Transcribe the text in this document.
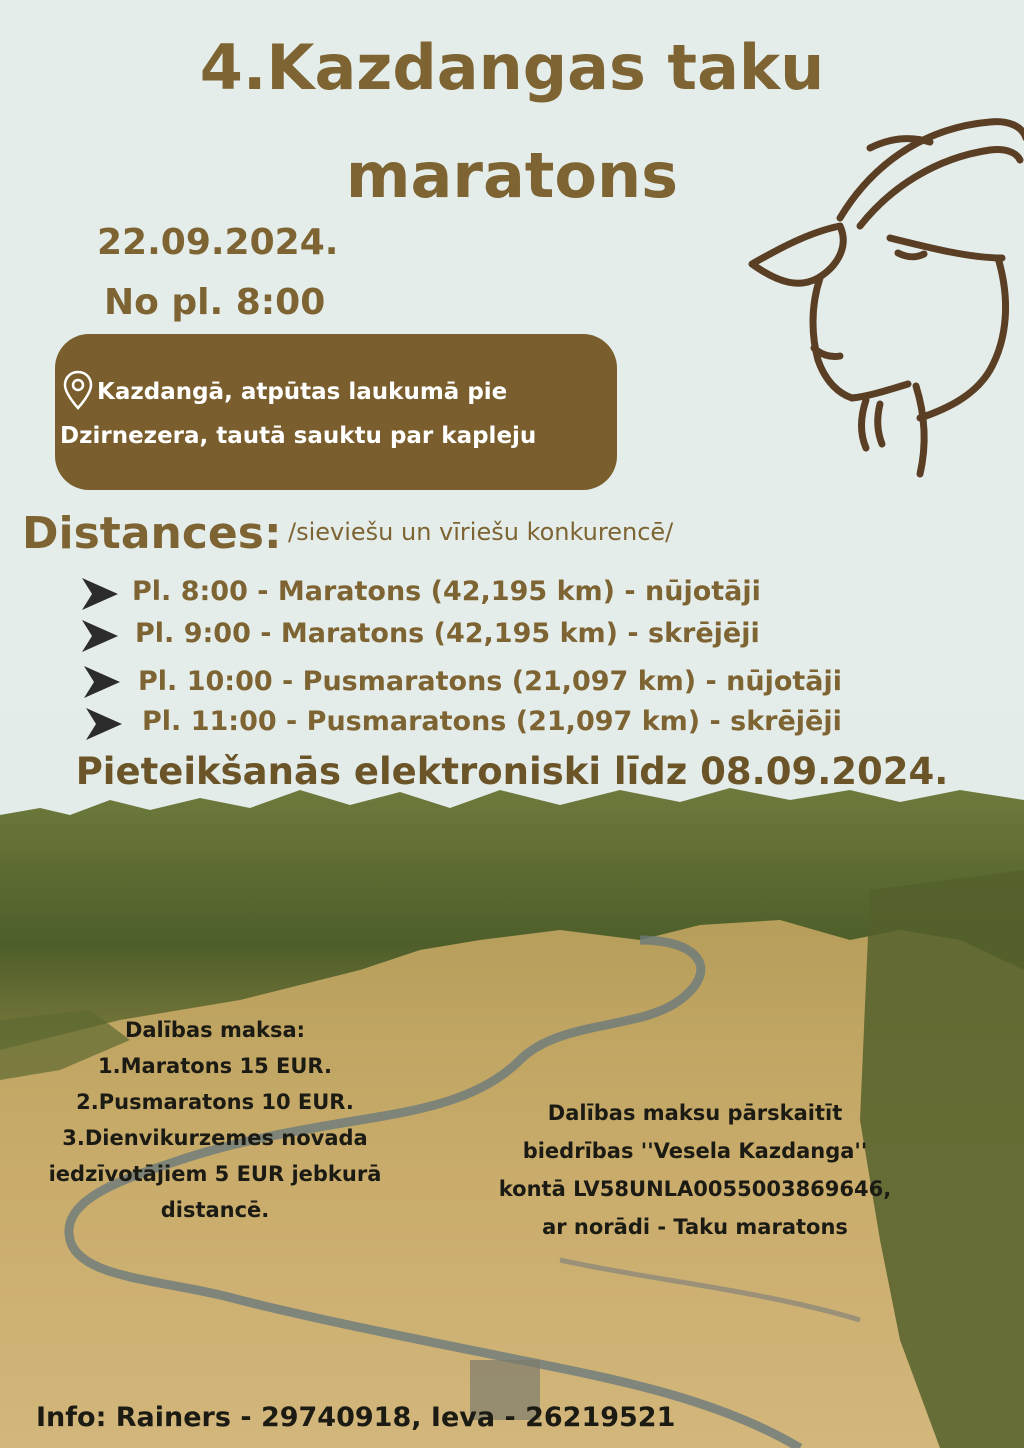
4.Kazdangas taku
maratons
22.09.2024.
No pl. 8:00
Kazdangā, atpūtas laukumā pie
Dzirnezera, tautā sauktu par kapleju
Distances: /sieviešu un vīriešu konkurencē/
Pl. 8:00 - Maratons (42,195 km) - nūjotāji
Pl. 9:00 - Maratons (42,195 km) - skrējēji
Pl. 10:00 - Pusmaratons (21,097 km) - nūjotāji
Pl. 11:00 - Pusmaratons (21,097 km) - skrējēji
Pieteikšanās elektroniski līdz 08.09.2024.
Dalības maksa:
1.Maratons 15 EUR.
2.Pusmaratons 10 EUR.
3.Dienvikurzemes novada
iedzīvotājiem 5 EUR jebkurā
distancē.
Dalības maksu pārskaitīt
biedrības ''Vesela Kazdanga''
kontā LV58UNLA0055003869646,
ar norādi - Taku maratons
Info: Rainers - 29740918, Ieva - 26219521
